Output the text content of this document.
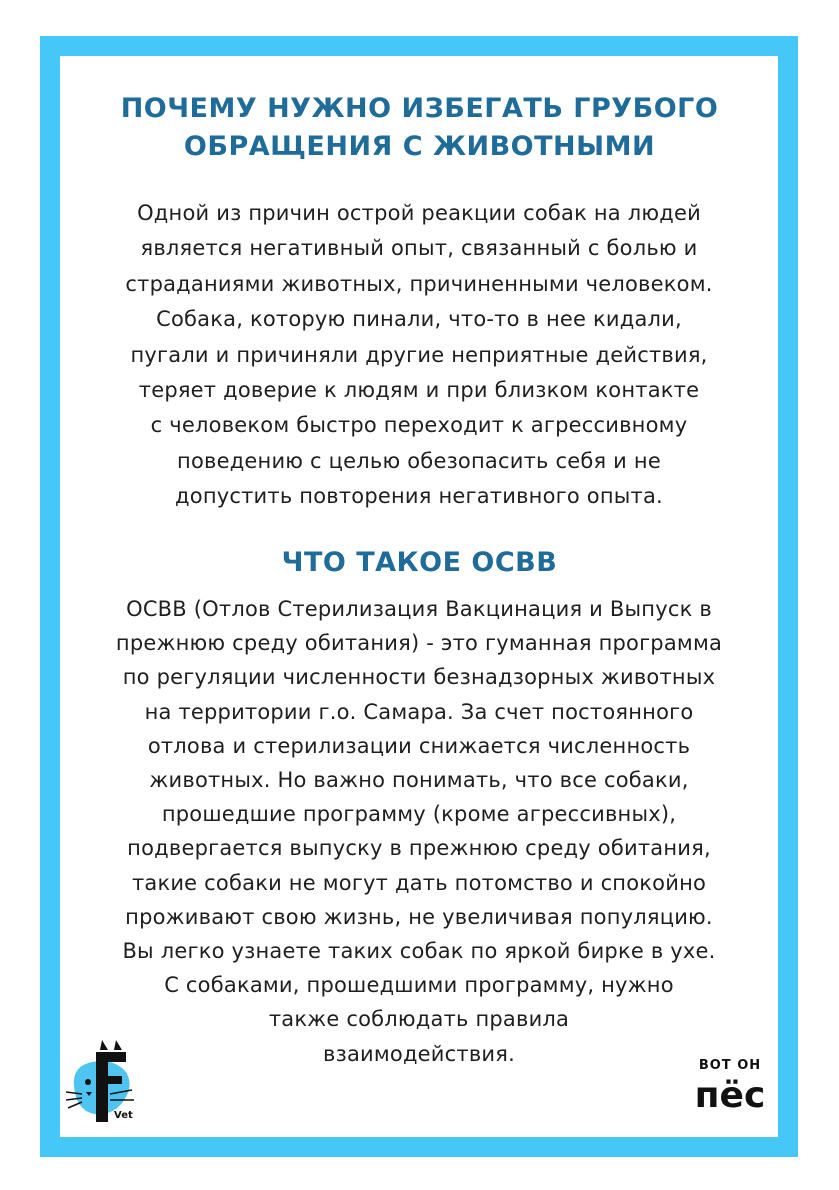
ПОЧЕМУ НУЖНО ИЗБЕГАТЬ ГРУБОГО
ОБРАЩЕНИЯ С ЖИВОТНЫМИ
Одной из причин острой реакции собак на людей
является негативный опыт, связанный с болью и
страданиями животных, причиненными человеком.
Собака, которую пинали, что-то в нее кидали,
пугали и причиняли другие неприятные действия,
теряет доверие к людям и при близком контакте
с человеком быстро переходит к агрессивному
поведению с целью обезопасить себя и не
допустить повторения негативного опыта.
ЧТО ТАКОЕ ОСВВ
ОСВВ (Отлов Стерилизация Вакцинация и Выпуск в
прежнюю среду обитания) - это гуманная программа
по регуляции численности безнадзорных животных
на территории г.о. Самара. За счет постоянного
отлова и стерилизации снижается численность
животных. Но важно понимать, что все собаки,
прошедшие программу (кроме агрессивных),
подвергается выпуску в прежнюю среду обитания,
такие собаки не могут дать потомство и спокойно
проживают свою жизнь, не увеличивая популяцию.
Вы легко узнаете таких собак по яркой бирке в ухе.
С собаками, прошедшими программу, нужно
также соблюдать правила
взаимодействия.
Vet
ВОТ ОН
пёс
